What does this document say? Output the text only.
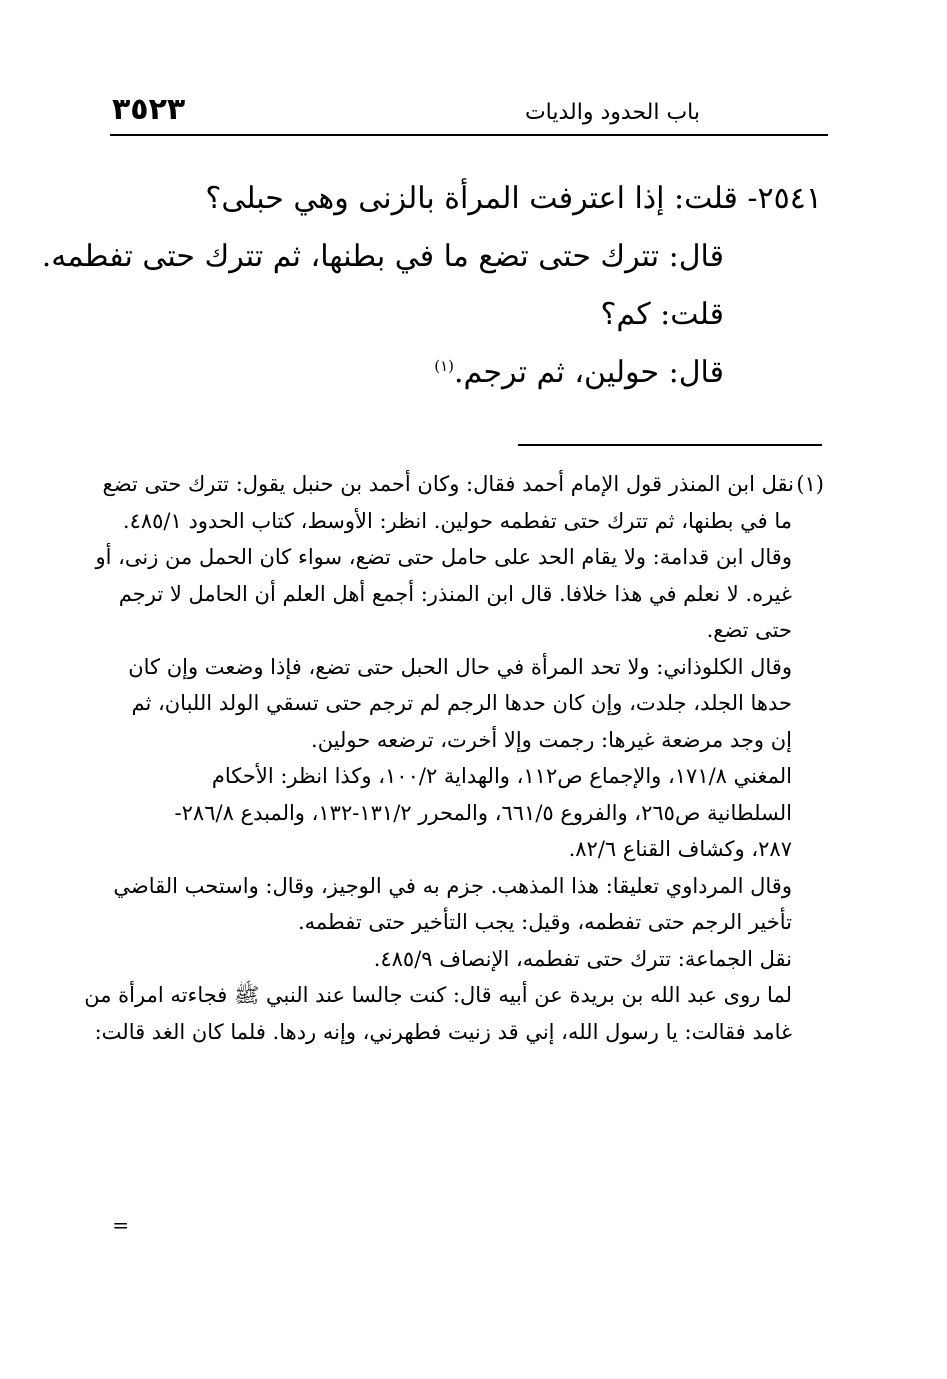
باب الحدود والديات
٣٥٢٣
٢٥٤١- قلت: إذا اعترفت المرأة بالزنى وهي حبلى؟
قال: تترك حتى تضع ما في بطنها، ثم تترك حتى تفطمه.
قلت: كم؟
قال: حولين، ثم ترجم.$^{(١)}$
(١)نقل ابن المنذر قول الإمام أحمد فقال: وكان أحمد بن حنبل يقول: تترك حتى تضع
ما في بطنها، ثم تترك حتى تفطمه حولين. انظر: الأوسط، كتاب الحدود ٤٨٥/١.
وقال ابن قدامة: ولا يقام الحد على حامل حتى تضع، سواء كان الحمل من زنى، أو
غيره. لا نعلم في هذا خلافا. قال ابن المنذر: أجمع أهل العلم أن الحامل لا ترجم
حتى تضع.
وقال الكلوذاني: ولا تحد المرأة في حال الحبل حتى تضع، فإذا وضعت وإن كان
حدها الجلد، جلدت، وإن كان حدها الرجم لم ترجم حتى تسقي الولد اللبان، ثم
إن وجد مرضعة غيرها: رجمت وإلا أخرت، ترضعه حولين.
المغني ١٧١/٨، والإجماع ص١١٢، والهداية ١٠٠/٢، وكذا انظر: الأحكام
السلطانية ص٢٦٥، والفروع ٦٦١/٥، والمحرر ١٣١/٢-١٣٢، والمبدع ٢٨٦/٨-
٢٨٧، وكشاف القناع ٨٢/٦.
وقال المرداوي تعليقا: هذا المذهب. جزم به في الوجيز، وقال: واستحب القاضي
تأخير الرجم حتى تفطمه، وقيل: يجب التأخير حتى تفطمه.
نقل الجماعة: تترك حتى تفطمه، الإنصاف ٤٨٥/٩.
لما روى عبد الله بن بريدة عن أبيه قال: كنت جالسا عند النبي ﷺ فجاءته امرأة من
غامد فقالت: يا رسول الله، إني قد زنيت فطهرني، وإنه ردها. فلما كان الغد قالت:
=
